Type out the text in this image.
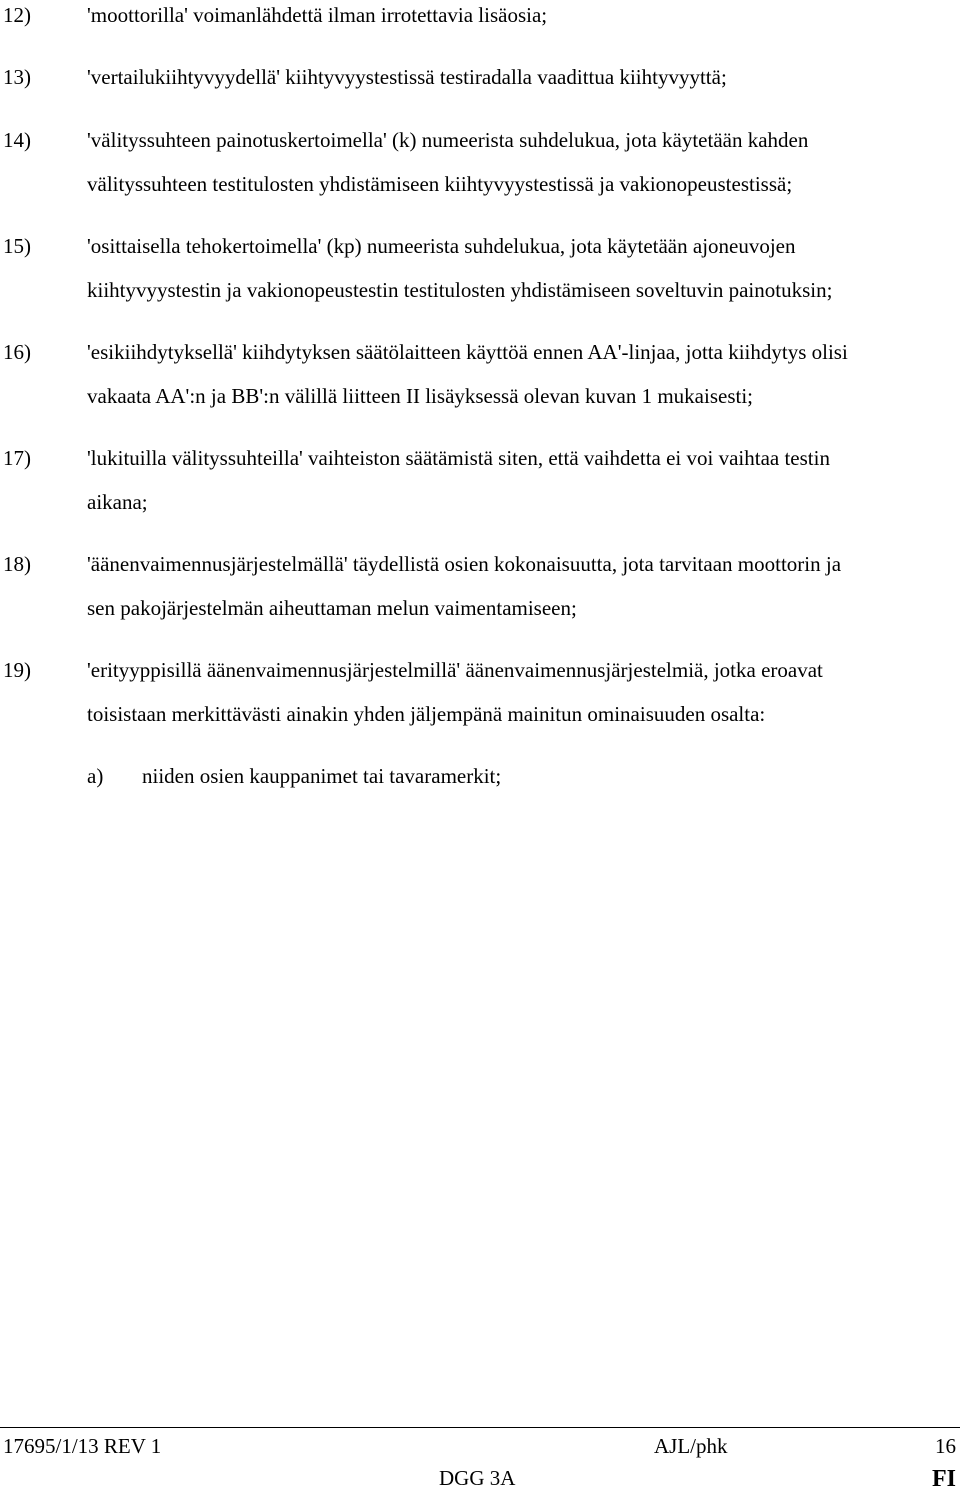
12)	'moottorilla' voimanlähdettä ilman irrotettavia lisäosia;
13)	'vertailukiihtyvyydellä' kiihtyvyystestissä testiradalla vaadittua kiihtyvyyttä;
14)	'välityssuhteen painotuskertoimella' (k) numeerista suhdelukua, jota käytetään kahden
välityssuhteen testitulosten yhdistämiseen kiihtyvyystestissä ja vakionopeustestissä;
15)	'osittaisella tehokertoimella' (kp) numeerista suhdelukua, jota käytetään ajoneuvojen
kiihtyvyystestin ja vakionopeustestin testitulosten yhdistämiseen soveltuvin painotuksin;
16)	'esikiihdytyksellä' kiihdytyksen säätölaitteen käyttöä ennen AA'-linjaa, jotta kiihdytys olisi
vakaata AA':n ja BB':n välillä liitteen II lisäyksessä olevan kuvan 1 mukaisesti;
17)	'lukituilla välityssuhteilla' vaihteiston säätämistä siten, että vaihdetta ei voi vaihtaa testin
aikana;
18)	'äänenvaimennusjärjestelmällä' täydellistä osien kokonaisuutta, jota tarvitaan moottorin ja
sen pakojärjestelmän aiheuttaman melun vaimentamiseen;
19)	'erityyppisillä äänenvaimennusjärjestelmillä' äänenvaimennusjärjestelmiä, jotka eroavat
toisistaan merkittävästi ainakin yhden jäljempänä mainitun ominaisuuden osalta:
a) niiden osien kauppanimet tai tavaramerkit;
17695/1/13 REV 1	AJL/phk	16
DGG 3A	FI
